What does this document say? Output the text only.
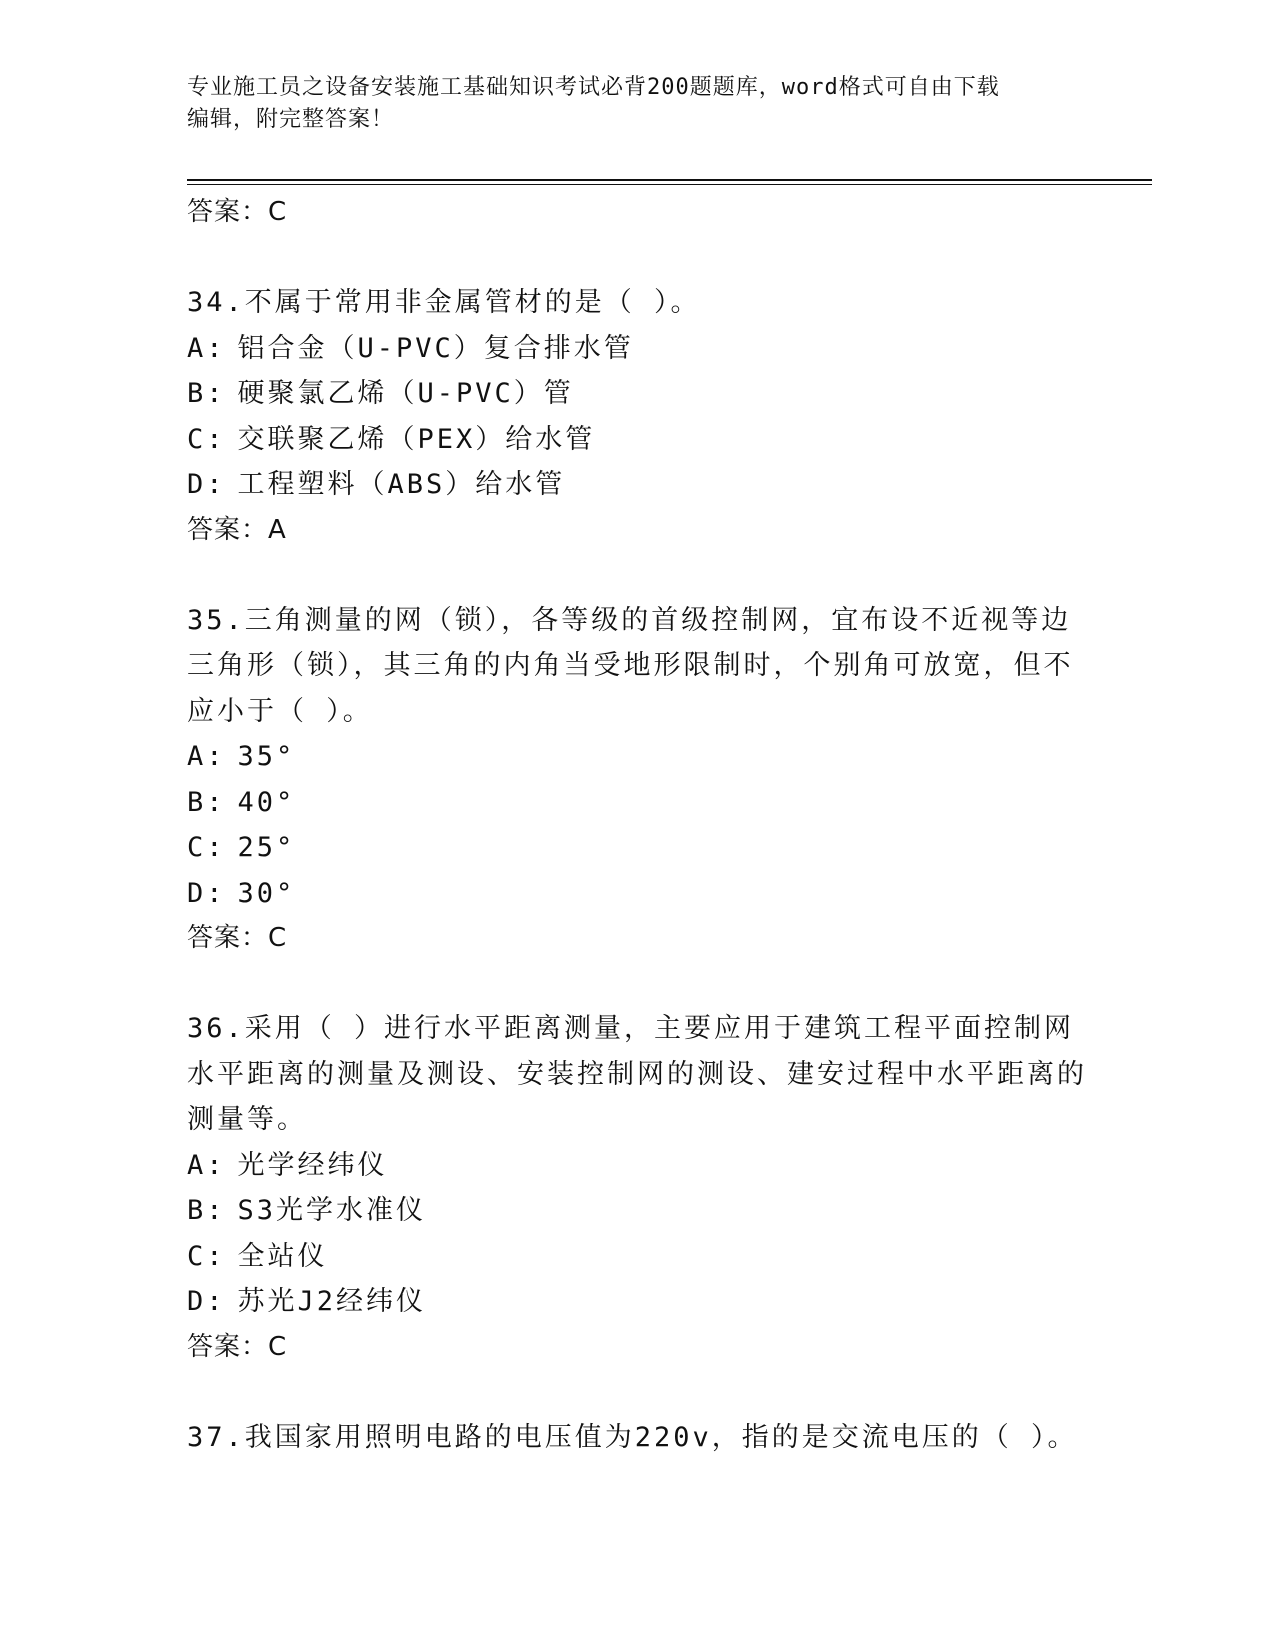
专业施工员之设备安装施工基础知识考试必背200题题库，word格式可自由下载
编辑，附完整答案！
答案：C
34.不属于常用非金属管材的是（ ）。
A: 铝合金（U-PVC）复合排水管
B: 硬聚氯乙烯（U-PVC）管
C: 交联聚乙烯（PEX）给水管
D: 工程塑料（ABS）给水管
答案：A
35.三角测量的网（锁），各等级的首级控制网，宜布设不近视等边三角形（锁），其三角的内角当受地形限制时，个别角可放宽，但不应小于（ ）。
A: 35°
B: 40°
C: 25°
D: 30°
答案：C
36.采用（ ）进行水平距离测量，主要应用于建筑工程平面控制网水平距离的测量及测设、安装控制网的测设、建安过程中水平距离的测量等。
A: 光学经纬仪
B: S3光学水准仪
C: 全站仪
D: 苏光J2经纬仪
答案：C
37.我国家用照明电路的电压值为220v，指的是交流电压的（ ）。
